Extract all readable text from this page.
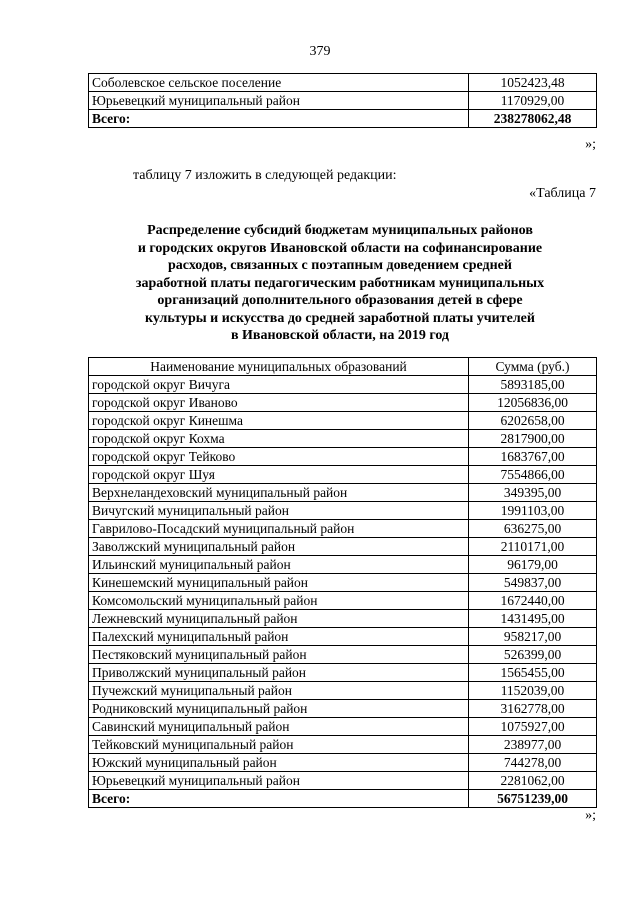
379
Соболевское сельское поселение	1052423,48
Юрьевецкий муниципальный район	1170929,00
Всего:	238278062,48
»;
таблицу 7 изложить в следующей редакции:
«Таблица 7
Распределение субсидий бюджетам муниципальных районов
и городских округов Ивановской области на софинансирование
расходов, связанных с поэтапным доведением средней
заработной платы педагогическим работникам муниципальных
организаций дополнительного образования детей в сфере
культуры и искусства до средней заработной платы учителей
в Ивановской области, на 2019 год
Наименование муниципальных образований	Сумма (руб.)
городской округ Вичуга	5893185,00
городской округ Иваново	12056836,00
городской округ Кинешма	6202658,00
городской округ Кохма	2817900,00
городской округ Тейково	1683767,00
городской округ Шуя	7554866,00
Верхнеландеховский муниципальный район	349395,00
Вичугский муниципальный район	1991103,00
Гаврилово-Посадский муниципальный район	636275,00
Заволжский муниципальный район	2110171,00
Ильинский муниципальный район	96179,00
Кинешемский муниципальный район	549837,00
Комсомольский муниципальный район	1672440,00
Лежневский муниципальный район	1431495,00
Палехский муниципальный район	958217,00
Пестяковский муниципальный район	526399,00
Приволжский муниципальный район	1565455,00
Пучежский муниципальный район	1152039,00
Родниковский муниципальный район	3162778,00
Савинский муниципальный район	1075927,00
Тейковский муниципальный район	238977,00
Южский муниципальный район	744278,00
Юрьевецкий муниципальный район	2281062,00
Всего:	56751239,00
»;
